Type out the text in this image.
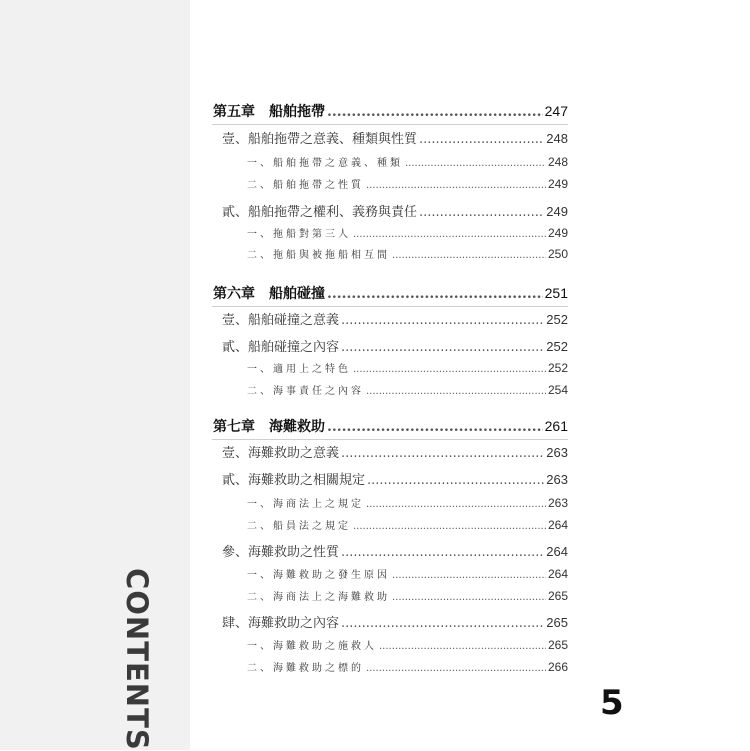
CONTENTS	5
第五章 船舶拖帶 .....	247
壹、船舶拖帶之意義、種類與性質 .....	248
一、船舶拖帶之意義、種類 .....	248
二、船舶拖帶之性質 .....	249
貳、船舶拖帶之權利、義務與責任 .....	249
一、拖船對第三人 .....	249
二、拖船與被拖船相互間 .....	250
第六章 船舶碰撞 .....	251
壹、船舶碰撞之意義 .....	252
貳、船舶碰撞之內容 .....	252
一、適用上之特色 .....	252
二、海事責任之內容 .....	254
第七章 海難救助 .....	261
壹、海難救助之意義 .....	263
貳、海難救助之相關規定 .....	263
一、海商法上之規定 .....	263
二、船員法之規定 .....	264
參、海難救助之性質 .....	264
一、海難救助之發生原因 .....	264
二、海商法上之海難救助 .....	265
肆、海難救助之內容 .....	265
一、海難救助之施救人 .....	265
二、海難救助之標的 .....	266
